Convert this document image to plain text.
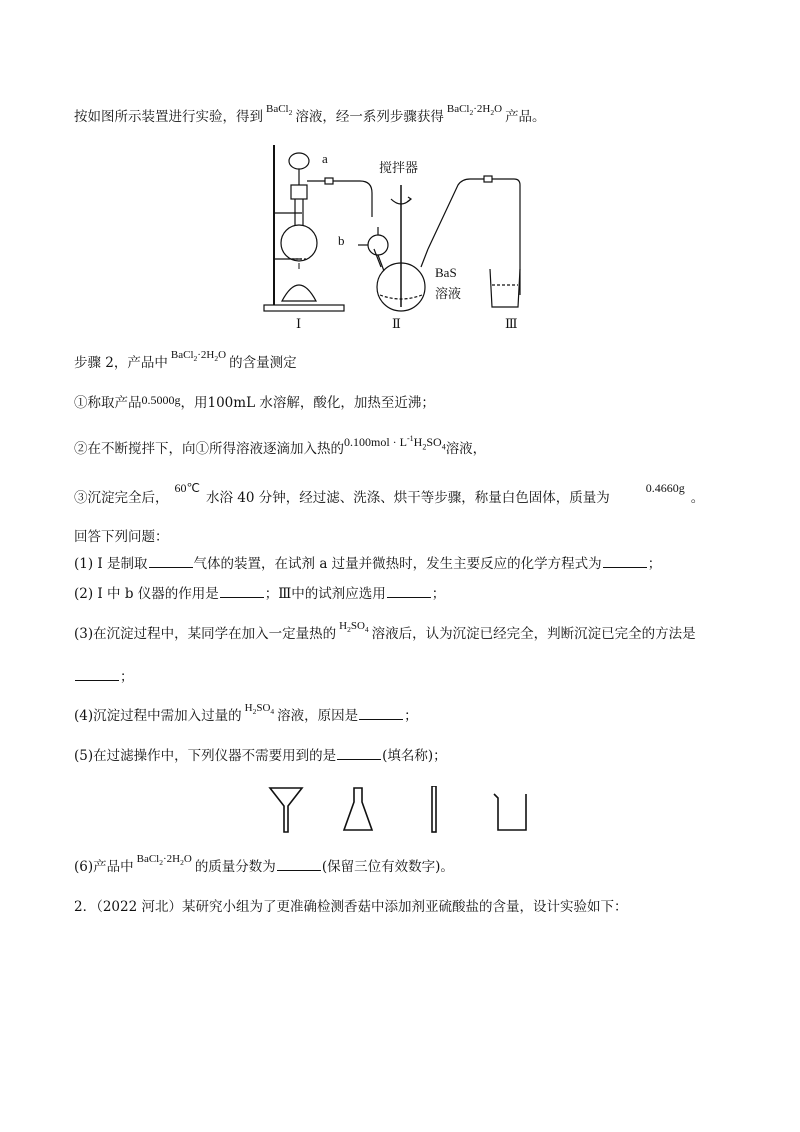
按如图所示装置进行实验，得到 $^{BaCl_2}$ 溶液，经一系列步骤获得 $^{BaCl_2\cdot 2H_2O}$ 产品。
a
b
搅拌器
BaS
溶液
Ⅰ	Ⅱ	Ⅲ
步骤 2，产品中 $^{BaCl_2\cdot 2H_2O}$ 的含量测定
①称取产品0.5000g，用100mL 水溶解，酸化，加热至近沸；
②在不断搅拌下，向①所得溶液逐滴加入热的$0.100mol \cdot L^{-1}H_2SO_4$溶液，
③沉淀完全后，60℃水浴 40 分钟，经过滤、洗涤、烘干等步骤，称量白色固体，质量为0.4660g。
回答下列问题：
(1) Ⅰ 是制取	气体的装置，在试剂 a 过量并微热时，发生主要反应的化学方程式为	；
(2) Ⅰ 中 b 仪器的作用是	；Ⅲ中的试剂应选用	；
(3)在沉淀过程中，某同学在加入一定量热的 $^{H_2SO_4}$ 溶液后，认为沉淀已经完全，判断沉淀已完全的方法是
；
(4)沉淀过程中需加入过量的 $^{H_2SO_4}$ 溶液，原因是	；
(5)在过滤操作中，下列仪器不需要用到的是	(填名称)；
(6)产品中 $^{BaCl_2\cdot 2H_2O}$ 的质量分数为	(保留三位有效数字)。
2．（2022 河北）某研究小组为了更准确检测香菇中添加剂亚硫酸盐的含量，设计实验如下：
